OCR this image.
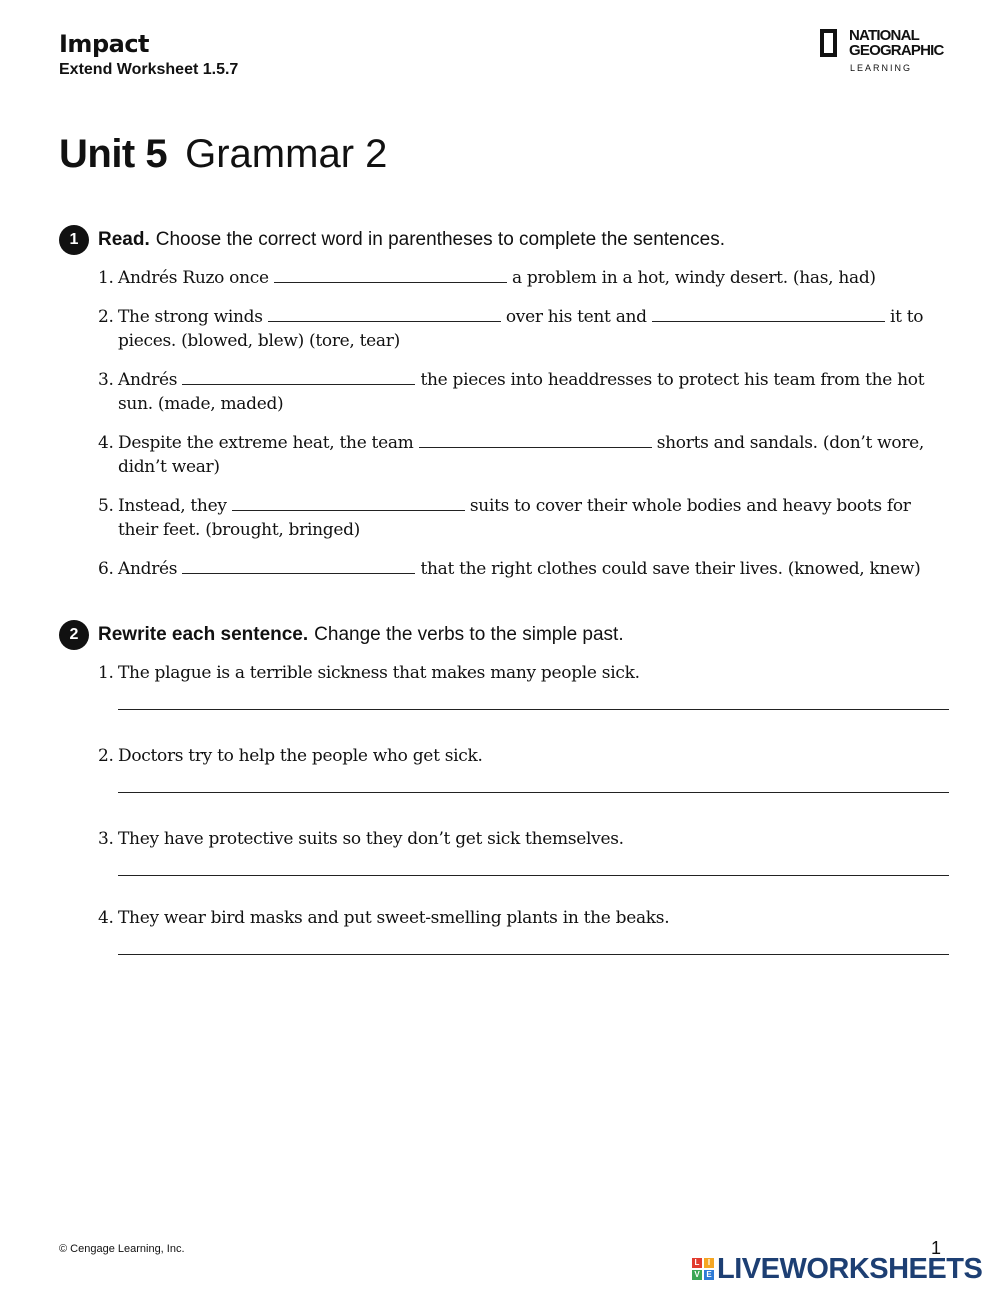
Impact
Extend Worksheet 1.5.7
NATIONAL
GEOGRAPHIC
LEARNING
Unit 5 Grammar 2
1	Read. Choose the correct word in parentheses to complete the sentences.
1. Andrés Ruzo once	a problem in a hot, windy desert. (has, had)
2. The strong winds	over his tent and	it to pieces. (blowed, blew) (tore, tear)
3. Andrés	the pieces into headdresses to protect his team from the hot sun. (made, maded)
4. Despite the extreme heat, the team	shorts and sandals. (don’t wore, didn’t wear)
5. Instead, they	suits to cover their whole bodies and heavy boots for their feet. (brought, bringed)
6. Andrés	that the right clothes could save their lives. (knowed, knew)
2	Rewrite each sentence. Change the verbs to the simple past.
1. The plague is a terrible sickness that makes many people sick.
2. Doctors try to help the people who get sick.
3. They have protective suits so they don’t get sick themselves.
4. They wear bird masks and put sweet-smelling plants in the beaks.
© Cengage Learning, Inc.	1
L	I
V E LIVEWORKSHEETS
